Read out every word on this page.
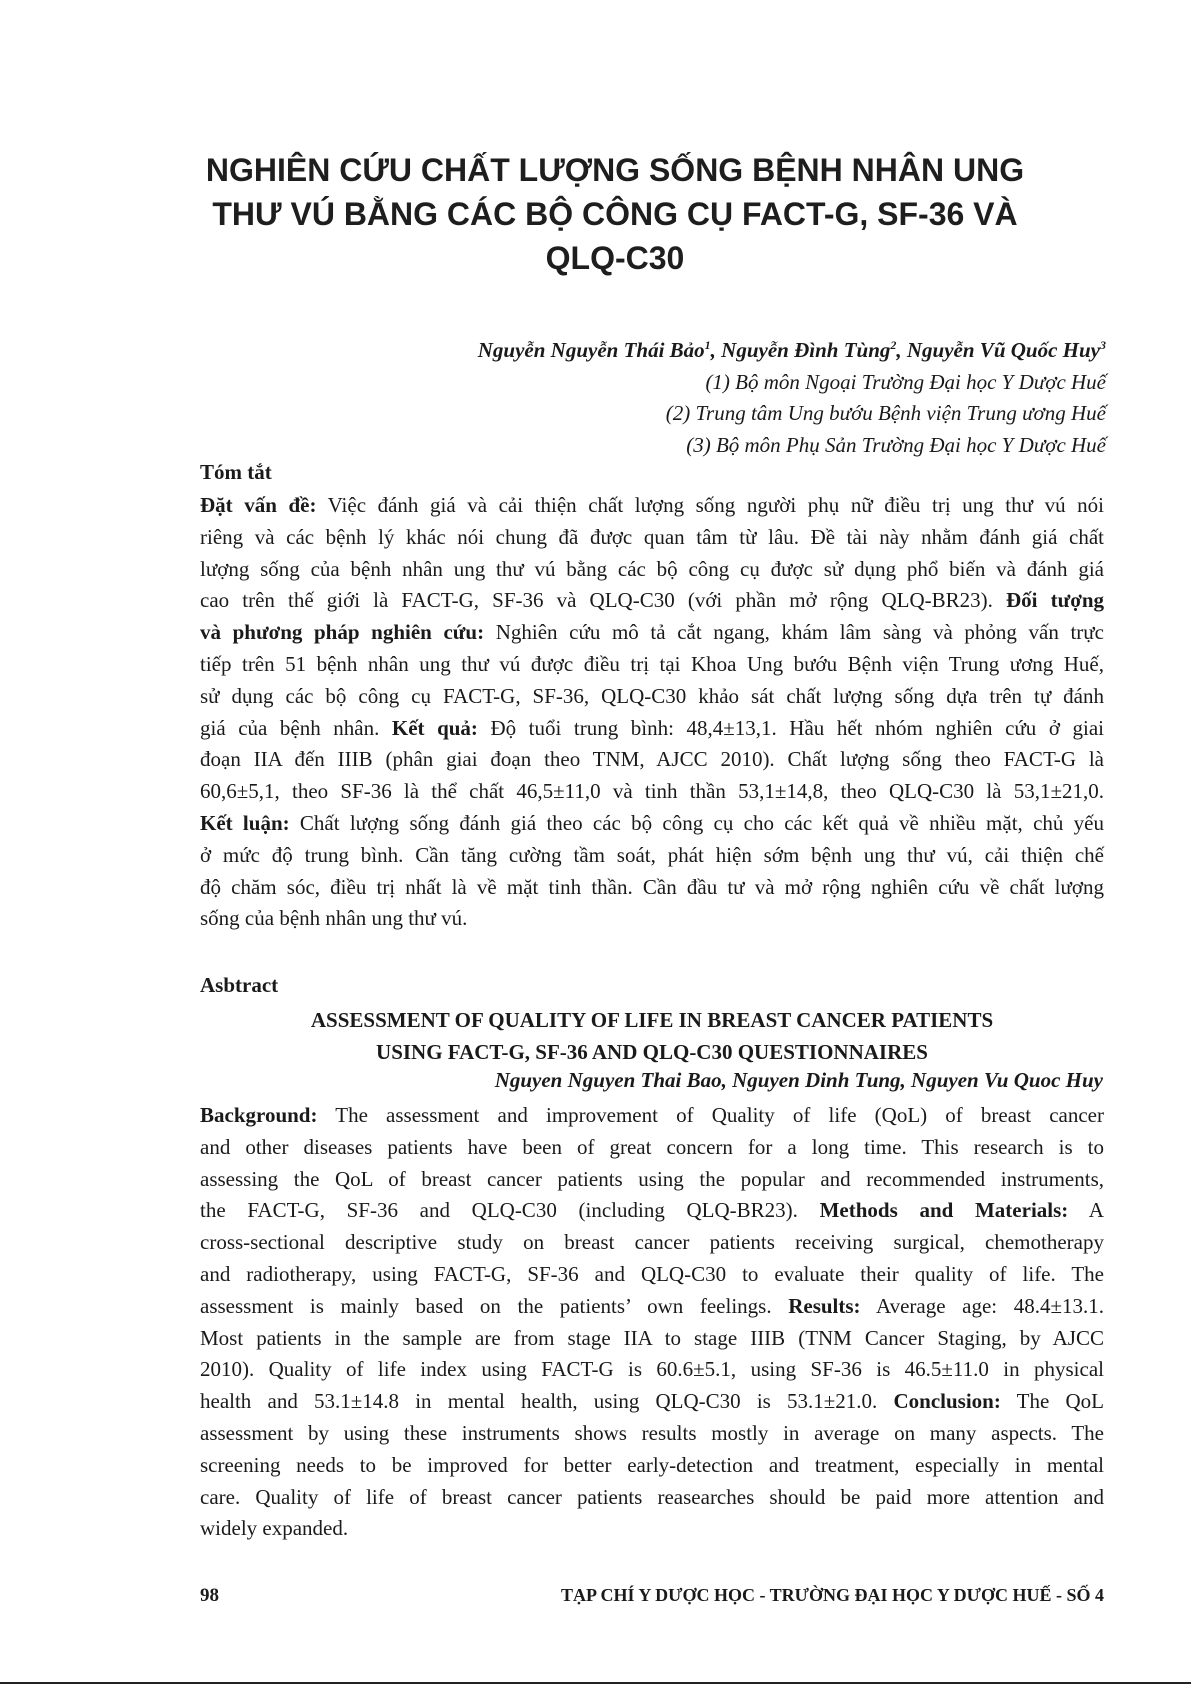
NGHIÊN CỨU CHẤT LƯỢNG SỐNG BỆNH NHÂN UNG
THƯ VÚ BẰNG CÁC BỘ CÔNG CỤ FACT-G, SF-36 VÀ
QLQ-C30
Nguyễn Nguyễn Thái Bảo$^1$, Nguyễn Đình Tùng$^2$, Nguyễn Vũ Quốc Huy$^3$
(1) Bộ môn Ngoại Trường Đại học Y Dược Huế
(2) Trung tâm Ung bướu Bệnh viện Trung ương Huế
(3) Bộ môn Phụ Sản Trường Đại học Y Dược Huế
Tóm tắt
Đặt vấn đề: Việc đánh giá và cải thiện chất lượng sống người phụ nữ điều trị ung thư vú nói
riêng và các bệnh lý khác nói chung đã được quan tâm từ lâu. Đề tài này nhằm đánh giá chất
lượng sống của bệnh nhân ung thư vú bằng các bộ công cụ được sử dụng phổ biến và đánh giá
cao trên thế giới là FACT-G, SF-36 và QLQ-C30 (với phần mở rộng QLQ-BR23). Đối tượng
và phương pháp nghiên cứu: Nghiên cứu mô tả cắt ngang, khám lâm sàng và phỏng vấn trực
tiếp trên 51 bệnh nhân ung thư vú được điều trị tại Khoa Ung bướu Bệnh viện Trung ương Huế,
sử dụng các bộ công cụ FACT-G, SF-36, QLQ-C30 khảo sát chất lượng sống dựa trên tự đánh
giá của bệnh nhân. Kết quả: Độ tuổi trung bình: 48,4±13,1. Hầu hết nhóm nghiên cứu ở giai
đoạn IIA đến IIIB (phân giai đoạn theo TNM, AJCC 2010). Chất lượng sống theo FACT-G là
60,6±5,1, theo SF-36 là thể chất 46,5±11,0 và tinh thần 53,1±14,8, theo QLQ-C30 là 53,1±21,0.
Kết luận: Chất lượng sống đánh giá theo các bộ công cụ cho các kết quả về nhiều mặt, chủ yếu
ở mức độ trung bình. Cần tăng cường tầm soát, phát hiện sớm bệnh ung thư vú, cải thiện chế
độ chăm sóc, điều trị nhất là về mặt tinh thần. Cần đầu tư và mở rộng nghiên cứu về chất lượng
sống của bệnh nhân ung thư vú.
Asbtract
ASSESSMENT OF QUALITY OF LIFE IN BREAST CANCER PATIENTS
USING FACT-G, SF-36 AND QLQ-C30 QUESTIONNAIRES
Nguyen Nguyen Thai Bao, Nguyen Dinh Tung, Nguyen Vu Quoc Huy
Background: The assessment and improvement of Quality of life (QoL) of breast cancer
and other diseases patients have been of great concern for a long time. This research is to
assessing the QoL of breast cancer patients using the popular and recommended instruments,
the FACT-G, SF-36 and QLQ-C30 (including QLQ-BR23). Methods and Materials: A
cross-sectional descriptive study on breast cancer patients receiving surgical, chemotherapy
and radiotherapy, using FACT-G, SF-36 and QLQ-C30 to evaluate their quality of life. The
assessment is mainly based on the patients’ own feelings. Results: Average age: 48.4±13.1.
Most patients in the sample are from stage IIA to stage IIIB (TNM Cancer Staging, by AJCC
2010). Quality of life index using FACT-G is 60.6±5.1, using SF-36 is 46.5±11.0 in physical
health and 53.1±14.8 in mental health, using QLQ-C30 is 53.1±21.0. Conclusion: The QoL
assessment by using these instruments shows results mostly in average on many aspects. The
screening needs to be improved for better early-detection and treatment, especially in mental
care. Quality of life of breast cancer patients reasearches should be paid more attention and
widely expanded.
98	TẠP CHÍ Y DƯỢC HỌC - TRƯỜNG ĐẠI HỌC Y DƯỢC HUẾ - SỐ 4
